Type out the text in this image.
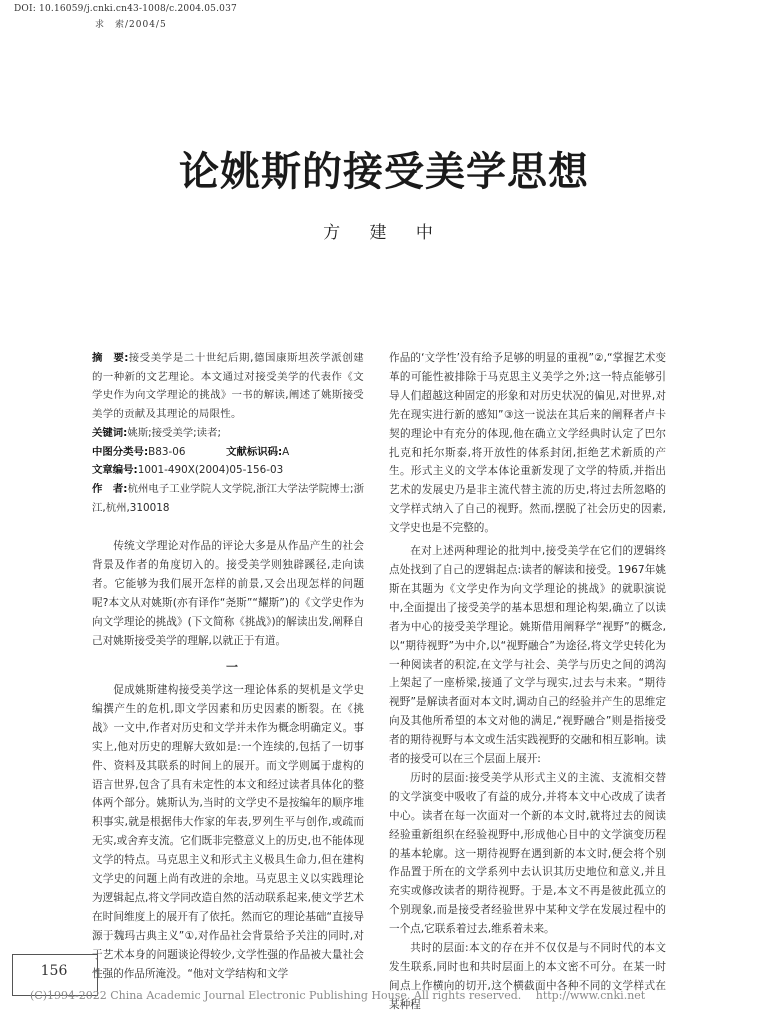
DOI: 10.16059/j.cnki.cn43-1008/c.2004.05.037
求　索/2004/5
论姚斯的接受美学思想
方 建 中
摘　要:接受美学是二十世纪后期,德国康斯坦茨学派创建的一种新的文艺理论。本文通过对接受美学的代表作《文学史作为向文学理论的挑战》一书的解读,阐述了姚斯接受美学的贡献及其理论的局限性。
关键词:姚斯;接受美学;读者;
中图分类号:B83-06	文献标识码:A
文章编号:1001-490X(2004)05-156-03
作　者:杭州电子工业学院人文学院,浙江大学法学院博士;浙江,杭州,310018

传统文学理论对作品的评论大多是从作品产生的社会背景及作者的角度切入的。接受美学则独辟蹊径,走向读者。它能够为我们展开怎样的前景,又会出现怎样的问题呢?本文从对姚斯(亦有译作“尧斯”“耀斯”)的《文学史作为向文学理论的挑战》(下文简称《挑战》)的解读出发,阐释自己对姚斯接受美学的理解,以就正于有道。

一

促成姚斯建构接受美学这一理论体系的契机是文学史编撰产生的危机,即文学因素和历史因素的断裂。在《挑战》一文中,作者对历史和文学并未作为概念明确定义。事实上,他对历史的理解大致如是:一个连续的,包括了一切事件、资料及其联系的时间上的展开。而文学则属于虚构的语言世界,包含了具有未定性的本文和经过读者具体化的整体两个部分。姚斯认为,当时的文学史不是按编年的顺序堆积事实,就是根据伟大作家的年表,罗列生平与创作,或疏而无实,或舍弃支流。它们既非完整意义上的历史,也不能体现文学的特点。马克思主义和形式主义极具生命力,但在建构文学史的问题上尚有改进的余地。马克思主义以实践理论为逻辑起点,将文学同改造自然的活动联系起来,使文学艺术在时间维度上的展开有了依托。然而它的理论基础“直接导源于魏玛古典主义”①,对作品社会背景给予关注的同时,对于艺术本身的问题谈论得较少,文学性强的作品被大量社会性强的作品所淹没。“他对文学结构和文学

作品的‘文学性’没有给予足够的明显的重视”②,“掌握艺术变革的可能性被排除于马克思主义美学之外;这一特点能够引导人们超越这种固定的形象和对历史状况的偏见,对世界,对先在现实进行新的感知”③这一说法在其后来的阐释者卢卡契的理论中有充分的体现,他在确立文学经典时认定了巴尔扎克和托尔斯泰,将开放性的体系封闭,拒绝艺术新质的产生。形式主义的文学本体论重新发现了文学的特质,并指出艺术的发展史乃是非主流代替主流的历史,将过去所忽略的文学样式纳入了自己的视野。然而,摆脱了社会历史的因素,文学史也是不完整的。

在对上述两种理论的批判中,接受美学在它们的逻辑终点处找到了自己的逻辑起点:读者的解读和接受。1967年姚斯在其题为《文学史作为向文学理论的挑战》的就职演说中,全面提出了接受美学的基本思想和理论构架,确立了以读者为中心的接受美学理论。姚斯借用阐释学“视野”的概念,以“期待视野”为中介,以“视野融合”为途径,将文学史转化为一种阅读者的积淀,在文学与社会、美学与历史之间的鸿沟上架起了一座桥梁,接通了文学与现实,过去与未来。“期待视野”是解读者面对本文时,调动自己的经验并产生的思维定向及其他所希望的本文对他的满足,“视野融合”则是指接受者的期待视野与本文或生活实践视野的交融和相互影响。读者的接受可以在三个层面上展开:

历时的层面:接受美学从形式主义的主流、支流相交替的文学演变中吸收了有益的成分,并将本文中心改成了读者中心。读者在每一次面对一个新的本文时,就将过去的阅读经验重新组织在经验视野中,形成他心目中的文学演变历程的基本轮廓。这一期待视野在遇到新的本文时,便会将个别作品置于所在的文学系列中去认识其历史地位和意义,并且充实或修改读者的期待视野。于是,本文不再是彼此孤立的个别现象,而是接受者经验世界中某种文学在发展过程中的一个点,它联系着过去,维系着未来。

共时的层面:本文的存在并不仅仅是与不同时代的本文发生联系,同时也和共时层面上的本文密不可分。在某一时间点上作横向的切开,这个横截面中各种不同的文学样式在某种程

156
(C)1994-2022 China Academic Journal Electronic Publishing House. All rights reserved.　 http://www.cnki.net
